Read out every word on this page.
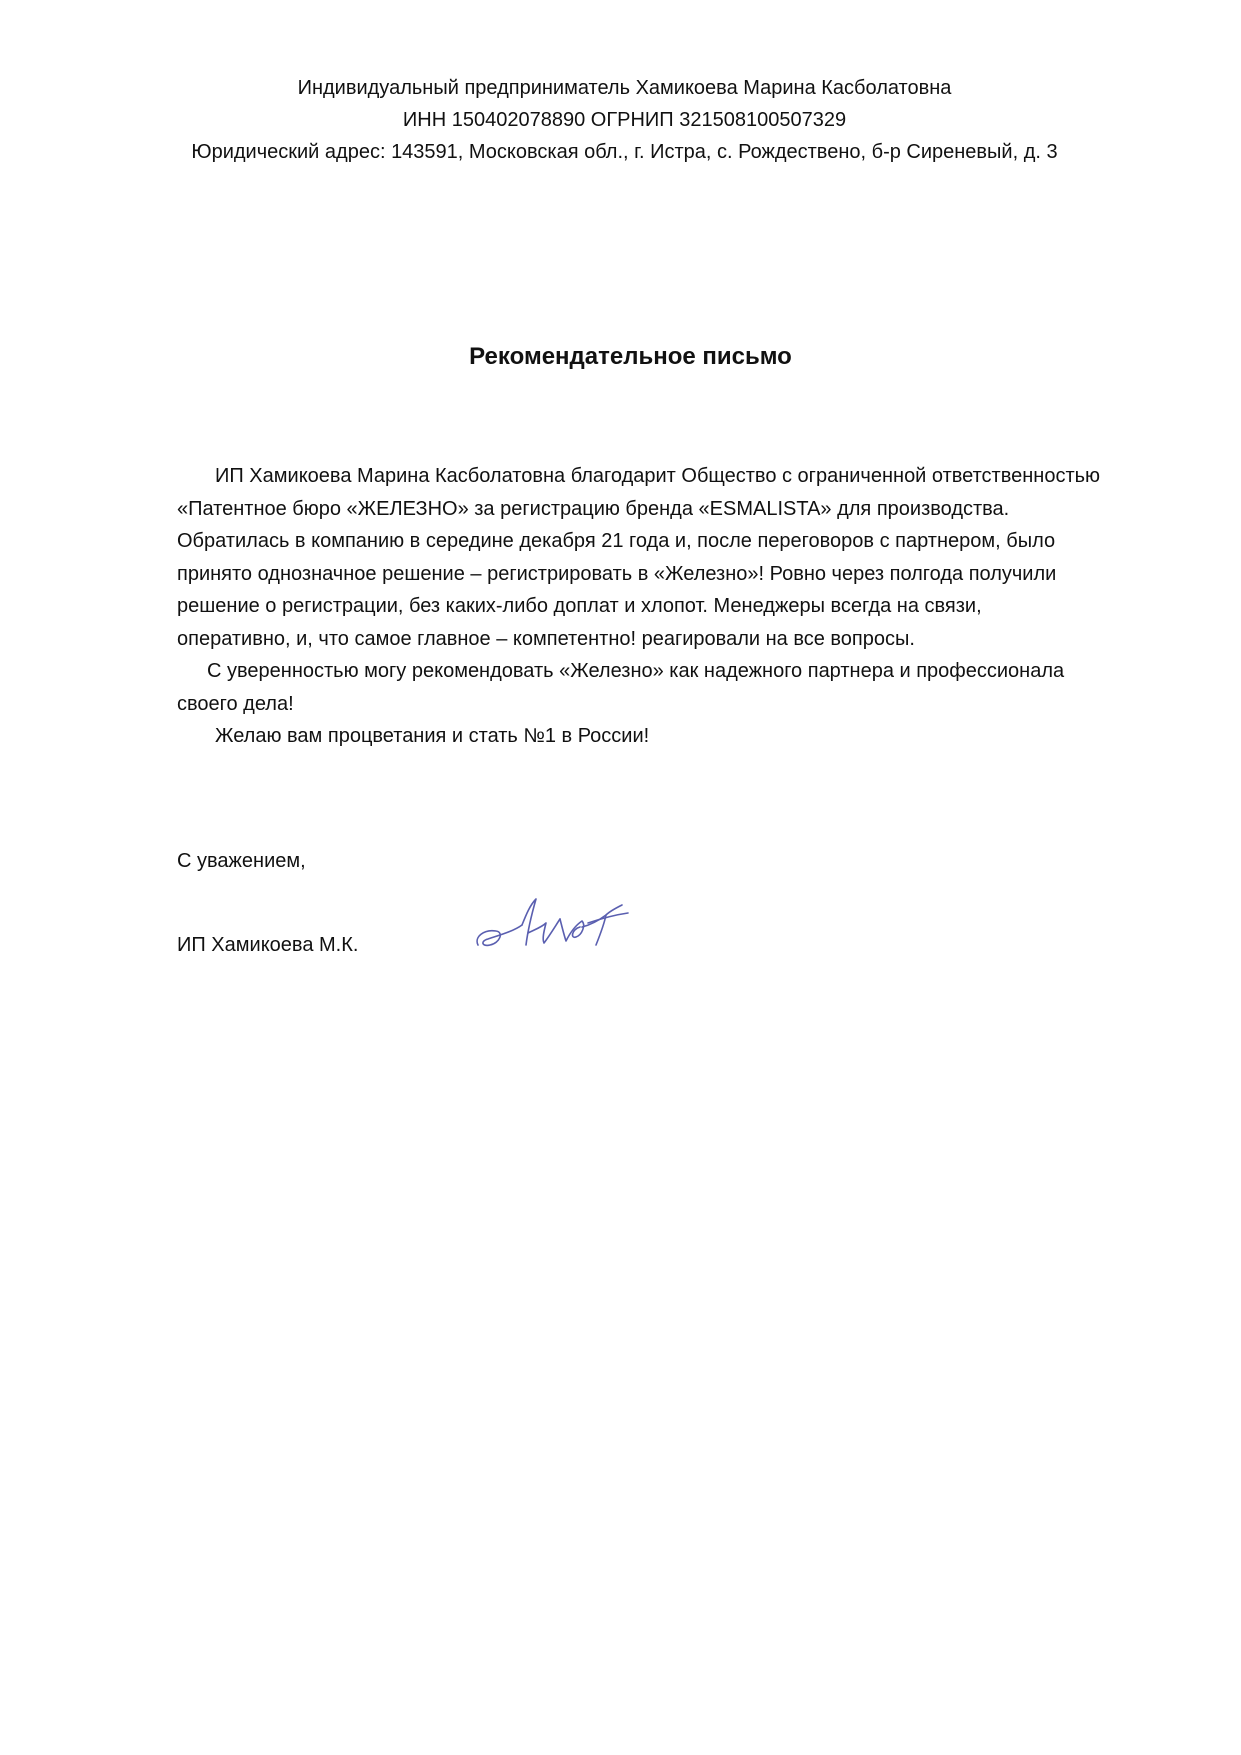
Индивидуальный предприниматель Хамикоева Марина Касболатовна
ИНН 150402078890 ОГРНИП 321508100507329
Юридический адрес: 143591, Московская обл., г. Истра, с. Рождествено, б-р Сиреневый, д. 3
Рекомендательное письмо
ИП Хамикоева Марина Касболатовна благодарит Общество с ограниченной ответственностью
«Патентное бюро «ЖЕЛЕЗНО» за регистрацию бренда «ESMALISTA» для производства.
Обратилась в компанию в середине декабря 21 года и, после переговоров с партнером, было
принято однозначное решение – регистрировать в «Железно»! Ровно через полгода получили
решение о регистрации, без каких-либо доплат и хлопот. Менеджеры всегда на связи,
оперативно, и, что самое главное – компетентно! реагировали на все вопросы.
С уверенностью могу рекомендовать «Железно» как надежного партнера и профессионала
своего дела!
Желаю вам процветания и стать №1 в России!
С уважением,
ИП Хамикоева М.К.
